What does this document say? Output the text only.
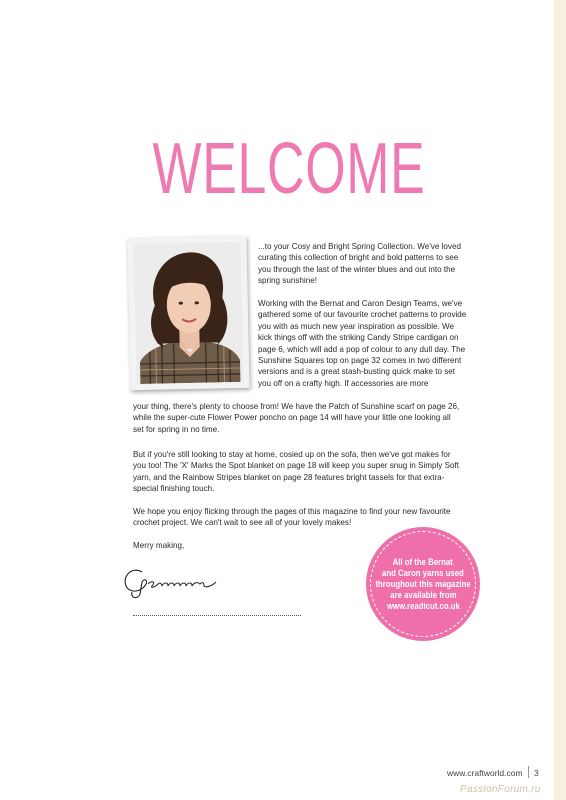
WELCOME

...to your Cosy and Bright Spring Collection. We've loved curating this collection of bright and bold patterns to see you through the last of the winter blues and out into the spring sunshine!

Working with the Bernat and Caron Design Teams, we've gathered some of our favourite crochet patterns to provide you with as much new year inspiration as possible. We kick things off with the striking Candy Stripe cardigan on page 6, which will add a pop of colour to any dull day. The Sunshine Squares top on page 32 comes in two different versions and is a great stash-busting quick make to set you off on a crafty high. If accessories are more

your thing, there's plenty to choose from! We have the Patch of Sunshine scarf on page 26, while the super-cute Flower Power poncho on page 14 will have your little one looking all set for spring in no time.

But if you're still looking to stay at home, cosied up on the sofa, then we've got makes for you too! The 'X' Marks the Spot blanket on page 18 will keep you super snug in Simply Soft yarn, and the Rainbow Stripes blanket on page 28 features bright tassels for that extra-special finishing touch.

We hope you enjoy flicking through the pages of this magazine to find your new favourite crochet project. We can't wait to see all of your lovely makes!

Merry making,

All of the Bernat
and Caron yarns used
throughout this magazine
are available from
www.readicut.co.uk
www.craftworld.com 3
PassionForum.ru
